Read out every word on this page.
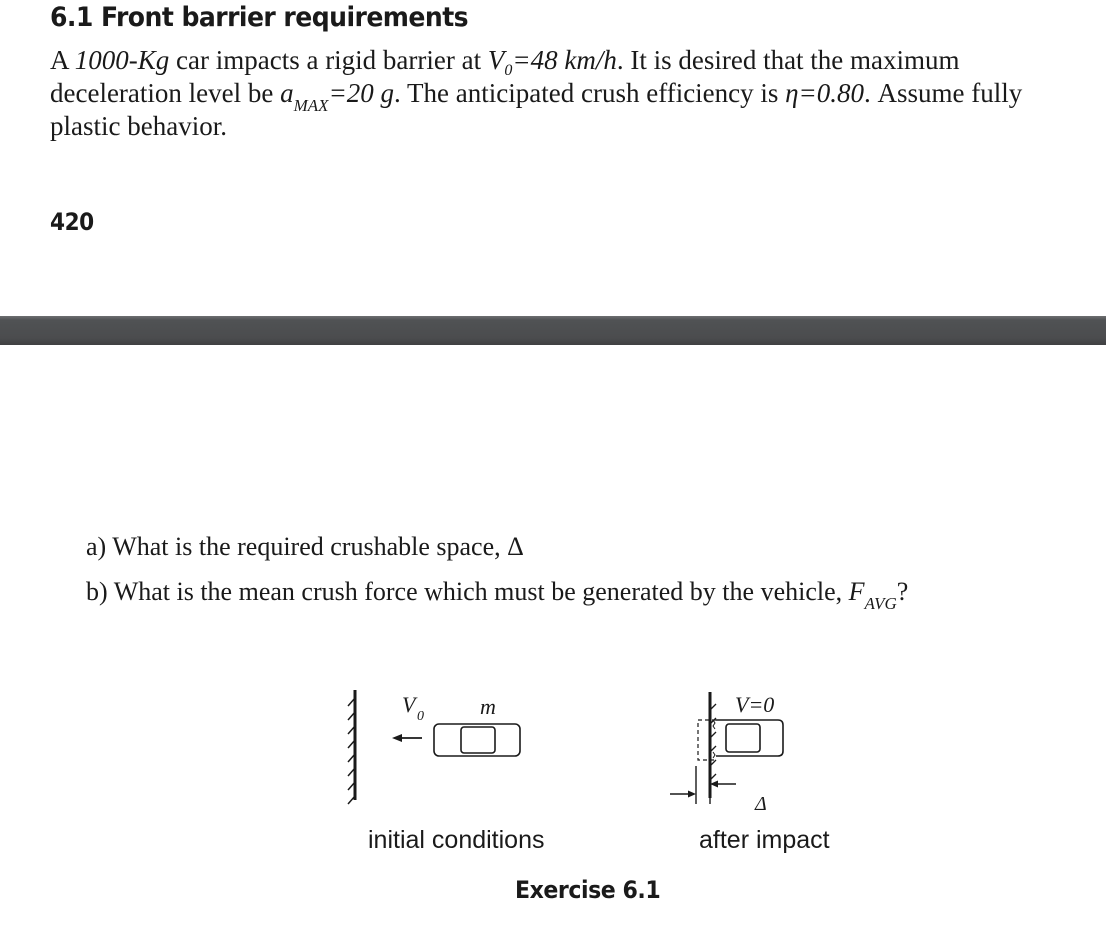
6.1 Front barrier requirements
A 1000-Kg car impacts a rigid barrier at $V_0=48$ km/h. It is desired that the maximum deceleration level be $a_{MAX}=20$ g. The anticipated crush efficiency is η=0.80. Assume fully plastic behavior.
420
a) What is the required crushable space, Δ
b) What is the mean crush force which must be generated by the vehicle, $F_{AVG}$?
V 0	m
Δ
V=0
initial conditions	after impact
Exercise 6.1
